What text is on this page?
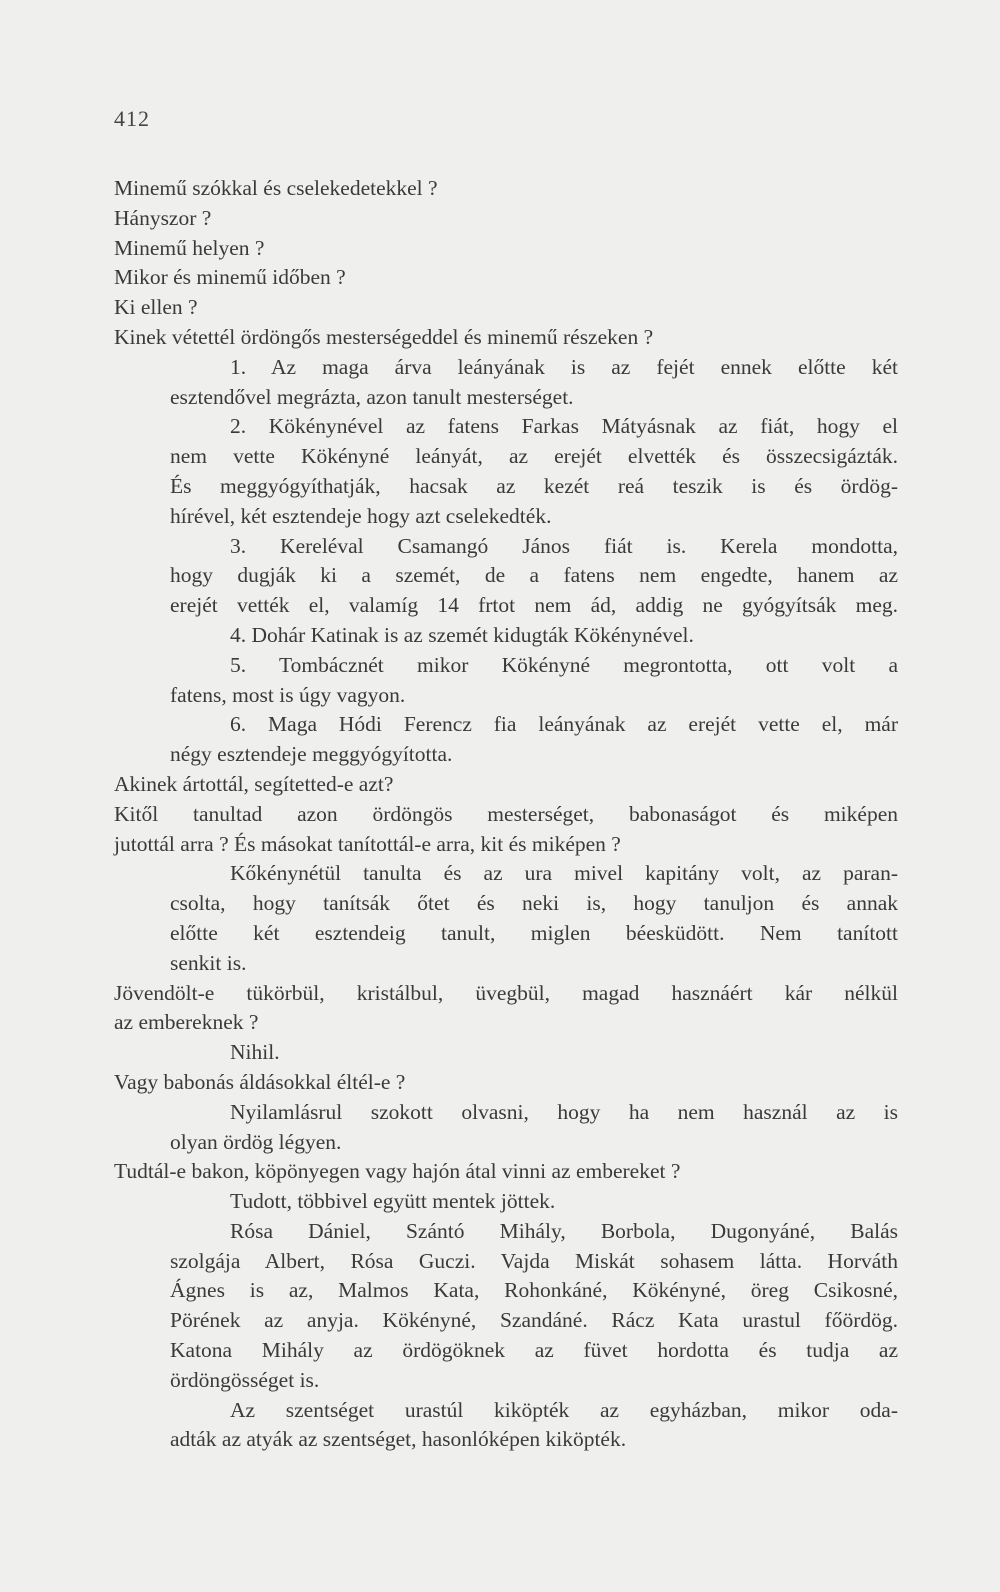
412
Minemű szókkal és cselekedetekkel ?
Hányszor ?
Minemű helyen ?
Mikor és minemű időben ?
Ki ellen ?
Kinek vétettél ördöngős mesterségeddel és minemű részeken ?
1. Az maga árva leányának is az fejét ennek előtte két
esztendővel megrázta, azon tanult mesterséget.
2. Kökénynével az fatens Farkas Mátyásnak az fiát, hogy el
nem vette Kökényné leányát, az erejét elvették és összecsigázták.
És meggyógyíthatják, hacsak az kezét reá teszik is és ördög-
hírével, két esztendeje hogy azt cselekedték.
3. Kereléval Csamangó János fiát is. Kerela mondotta,
hogy dugják ki a szemét, de a fatens nem engedte, hanem az
erejét vették el, valamíg 14 frtot nem ád, addig ne gyógyítsák meg.
4. Dohár Katinak is az szemét kidugták Kökénynével.
5. Tombácznét mikor Kökényné megrontotta, ott volt a
fatens, most is úgy vagyon.
6. Maga Hódi Ferencz fia leányának az erejét vette el, már
négy esztendeje meggyógyította.
Akinek ártottál, segítetted-e azt?
Kitől tanultad azon ördöngös mesterséget, babonaságot és miképen
jutottál arra ? És másokat tanítottál-e arra, kit és miképen ?
Kőkénynétül tanulta és az ura mivel kapitány volt, az paran-
csolta, hogy tanítsák őtet és neki is, hogy tanuljon és annak
előtte két esztendeig tanult, miglen béesküdött. Nem tanított
senkit is.
Jövendölt-e tükörbül, kristálbul, üvegbül, magad hasznáért kár nélkül
az embereknek ?
Nihil.
Vagy babonás áldásokkal éltél-e ?
Nyilamlásrul szokott olvasni, hogy ha nem használ az is
olyan ördög légyen.
Tudtál-e bakon, köpönyegen vagy hajón átal vinni az embereket ?
Tudott, többivel együtt mentek jöttek.
Rósa Dániel, Szántó Mihály, Borbola, Dugonyáné, Balás
szolgája Albert, Rósa Guczi. Vajda Miskát sohasem látta. Horváth
Ágnes is az, Malmos Kata, Rohonkáné, Kökényné, öreg Csikosné,
Pörének az anyja. Kökényné, Szandáné. Rácz Kata urastul főördög.
Katona Mihály az ördögöknek az füvet hordotta és tudja az
ördöngösséget is.
Az szentséget urastúl kiköpték az egyházban, mikor oda-
adták az atyák az szentséget, hasonlóképen kiköpték.
